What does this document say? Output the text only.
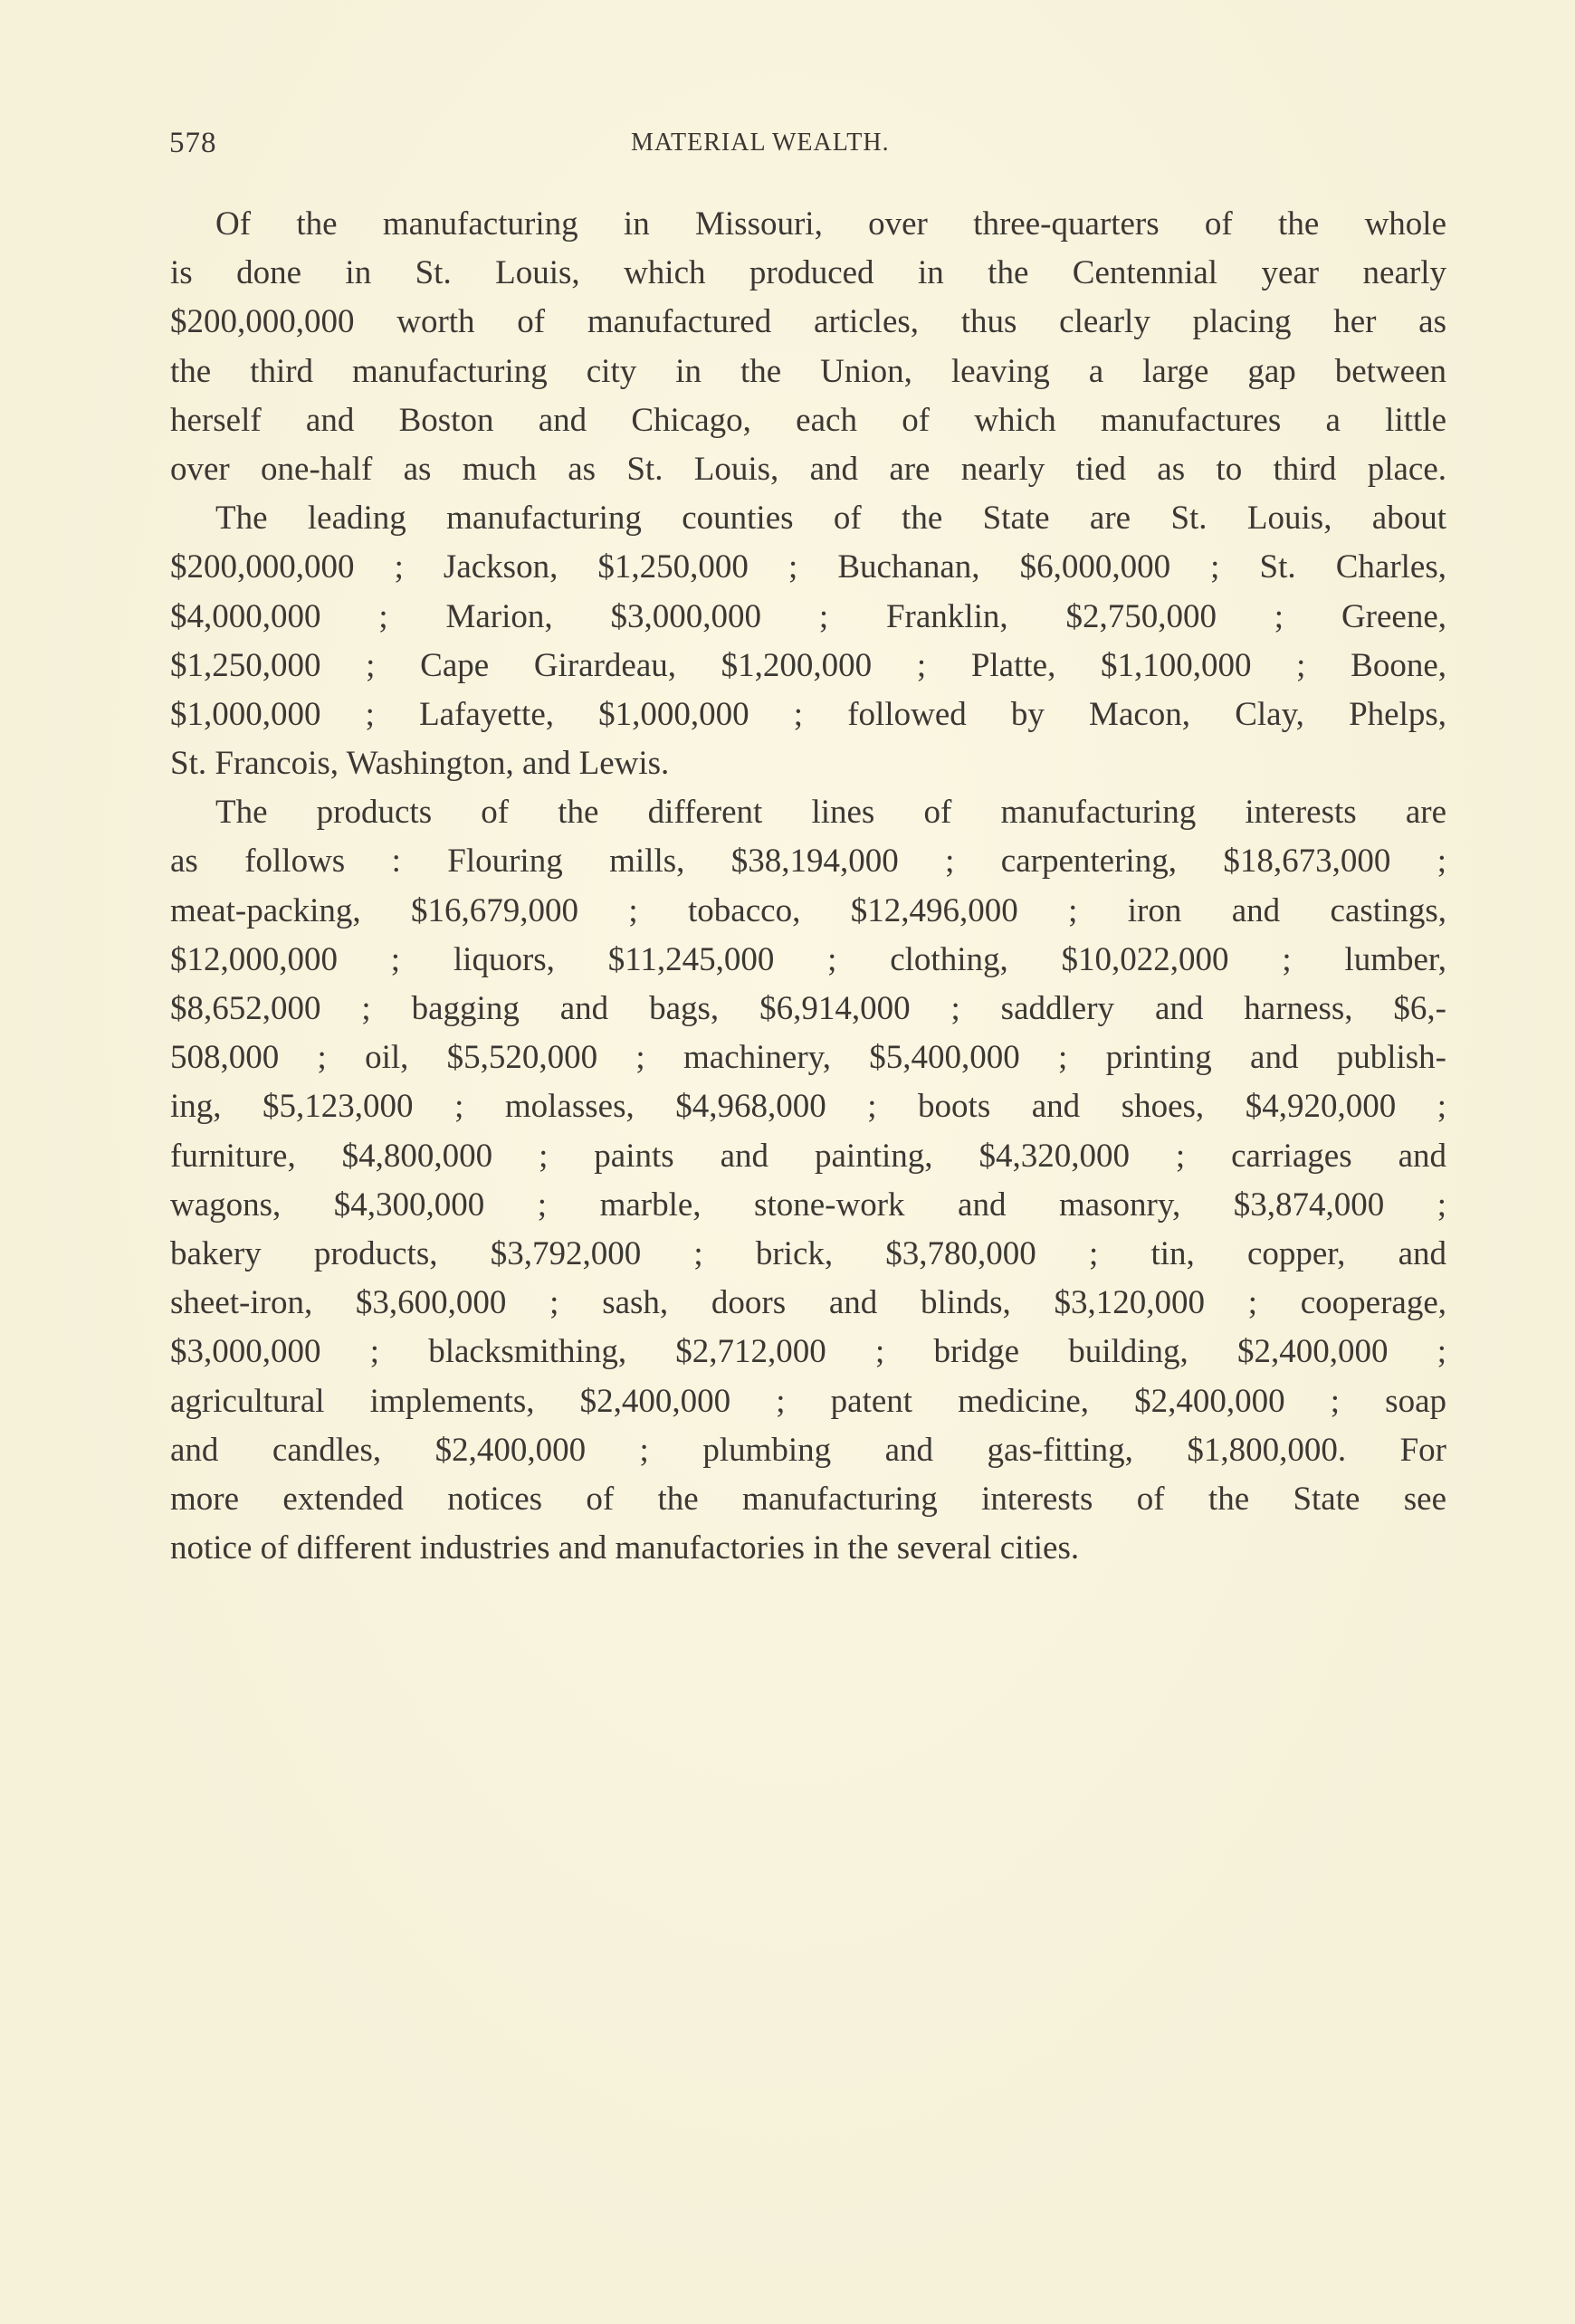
578	MATERIAL WEALTH.
Of the manufacturing in Missouri, over three-quarters of the whole
is done in St. Louis, which produced in the Centennial year nearly
$200,000,000 worth of manufactured articles, thus clearly placing her as
the third manufacturing city in the Union, leaving a large gap between
herself and Boston and Chicago, each of which manufactures a little
over one-half as much as St. Louis, and are nearly tied as to third place.
The leading manufacturing counties of the State are St. Louis, about
$200,000,000 ; Jackson, $1,250,000 ; Buchanan, $6,000,000 ; St. Charles,
$4,000,000 ; Marion, $3,000,000 ; Franklin, $2,750,000 ; Greene,
$1,250,000 ; Cape Girardeau, $1,200,000 ; Platte, $1,100,000 ; Boone,
$1,000,000 ; Lafayette, $1,000,000 ; followed by Macon, Clay, Phelps,
St. Francois, Washington, and Lewis.
The products of the different lines of manufacturing interests are
as follows : Flouring mills, $38,194,000 ; carpentering, $18,673,000 ;
meat-packing, $16,679,000 ; tobacco, $12,496,000 ; iron and castings,
$12,000,000 ; liquors, $11,245,000 ; clothing, $10,022,000 ; lumber,
$8,652,000 ; bagging and bags, $6,914,000 ; saddlery and harness, $6,-
508,000 ; oil, $5,520,000 ; machinery, $5,400,000 ; printing and publish-
ing, $5,123,000 ; molasses, $4,968,000 ; boots and shoes, $4,920,000 ;
furniture, $4,800,000 ; paints and painting, $4,320,000 ; carriages and
wagons, $4,300,000 ; marble, stone-work and masonry, $3,874,000 ;
bakery products, $3,792,000 ; brick, $3,780,000 ; tin, copper, and
sheet-iron, $3,600,000 ; sash, doors and blinds, $3,120,000 ; cooperage,
$3,000,000 ; blacksmithing, $2,712,000 ; bridge building, $2,400,000 ;
agricultural implements, $2,400,000 ; patent medicine, $2,400,000 ; soap
and candles, $2,400,000 ; plumbing and gas-fitting, $1,800,000. For
more extended notices of the manufacturing interests of the State see
notice of different industries and manufactories in the several cities.
